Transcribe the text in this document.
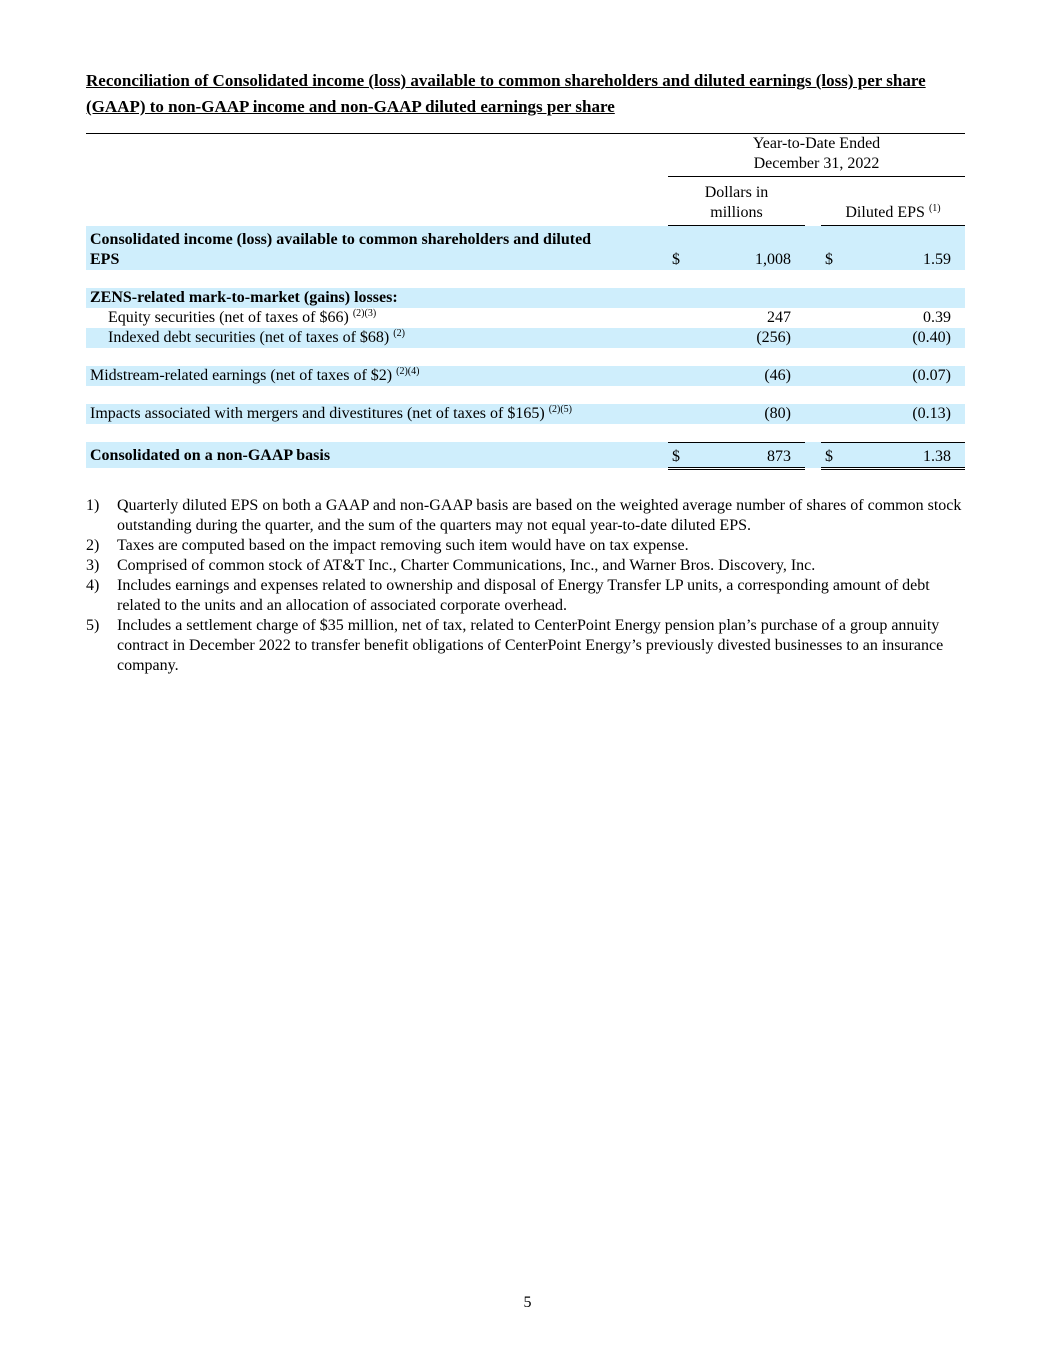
Reconciliation of Consolidated income (loss) available to common shareholders and diluted earnings (loss) per share (GAAP) to non-GAAP income and non-GAAP diluted earnings per share

		Year-to-Date Ended
December 31, 2022				

		Dollars in
millions			Diluted EPS $^{(1)}$

Consolidated income (loss) available to common shareholders and diluted
EPS		$	1,008		$	1.59

ZENS-related mark-to-market (gains) losses:						
Equity securities (net of taxes of $66) $^{(2)(3)}$			247			0.39
Indexed debt securities (net of taxes of $68) $^{(2)}$			(256)			(0.40)

Midstream-related earnings (net of taxes of $2) $^{(2)(4)}$			(46)			(0.07)

Impacts associated with mergers and divestitures (net of taxes of $165) $^{(2)(5)}$			(80)			(0.13)

Consolidated on a non-GAAP basis		$	873		$	1.38
1)	Quarterly diluted EPS on both a GAAP and non-GAAP basis are based on the weighted average number of shares of common stock outstanding during the quarter, and the sum of the quarters may not equal year-to-date diluted EPS.
2)	Taxes are computed based on the impact removing such item would have on tax expense.
3)	Comprised of common stock of AT&T Inc., Charter Communications, Inc., and Warner Bros. Discovery, Inc.
4)	Includes earnings and expenses related to ownership and disposal of Energy Transfer LP units, a corresponding amount of debt related to the units and an allocation of associated corporate overhead.
5)	Includes a settlement charge of $35 million, net of tax, related to CenterPoint Energy pension plan’s purchase of a group annuity contract in December 2022 to transfer benefit obligations of CenterPoint Energy’s previously divested businesses to an insurance company.
5
